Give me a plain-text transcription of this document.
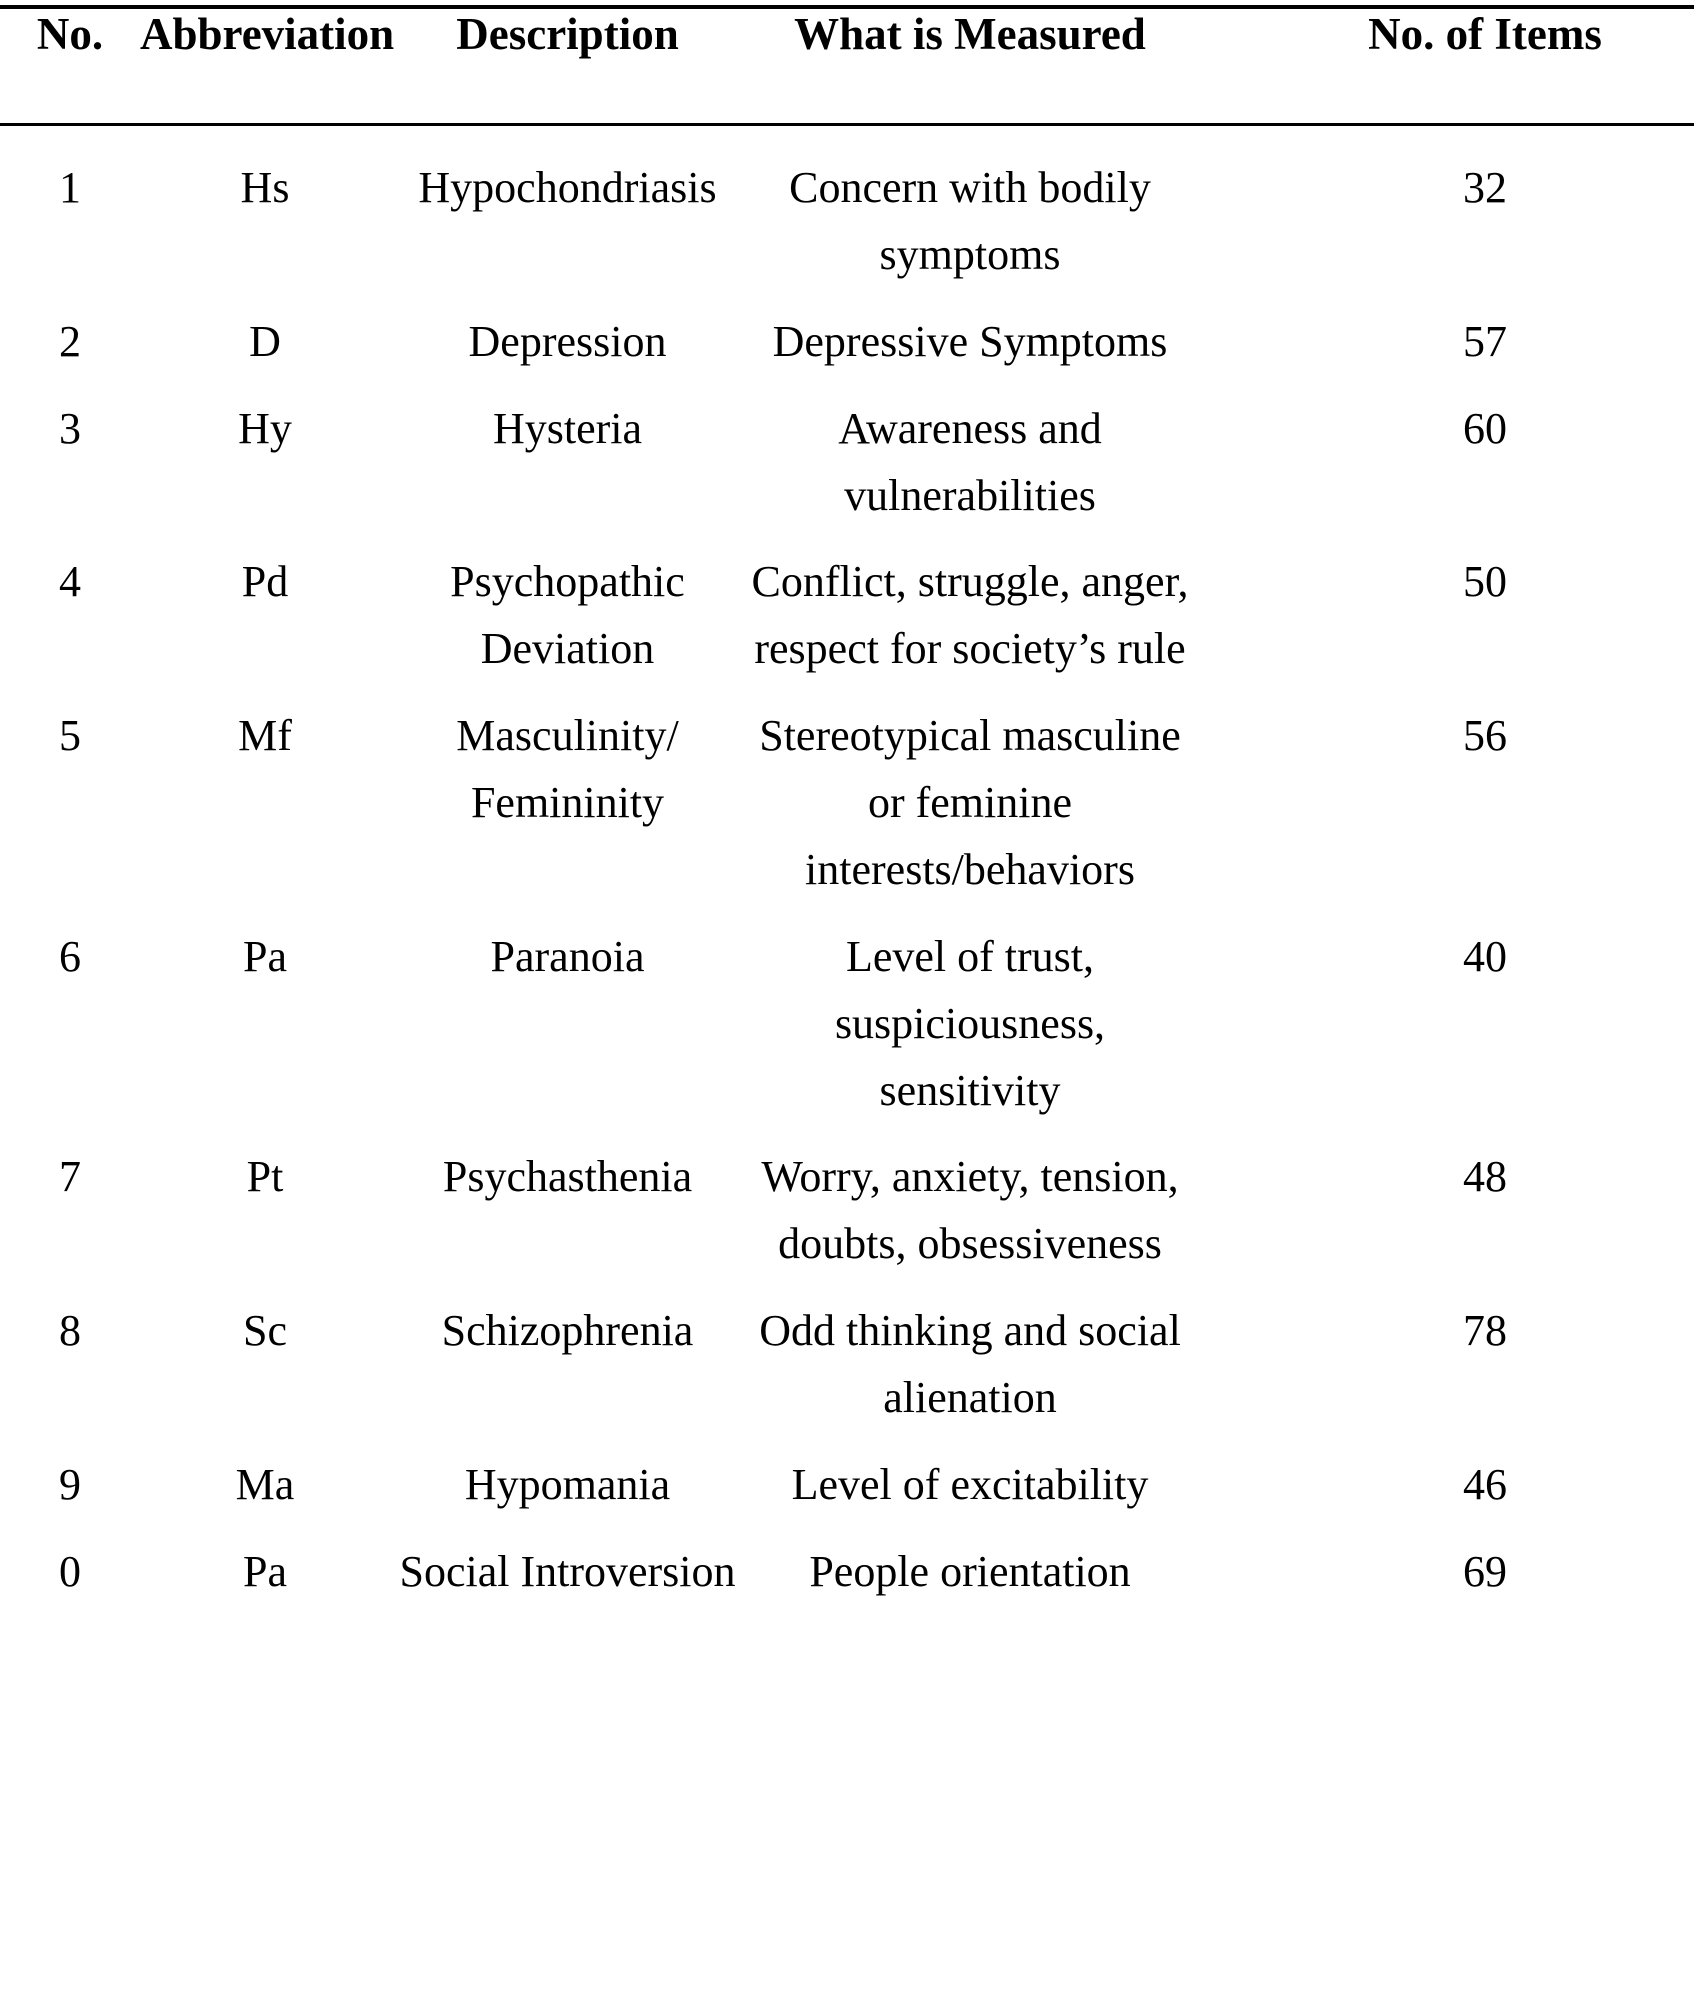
No.	Abbreviation	Description	What is Measured	No. of Items

1	Hs	Hypochondriasis	Concern with bodily symptoms	32

2	D	Depression	Depressive Symptoms	57

3	Hy	Hysteria	Awareness and vulnerabilities	60

4	Pd	Psychopathic Deviation	Conflict, struggle, anger, respect for society’s rule	50

5	Mf	Masculinity/ Femininity	Stereotypical masculine or feminine interests/behaviors	56

6	Pa	Paranoia	Level of trust, suspiciousness, sensitivity	40

7	Pt	Psychasthenia	Worry, anxiety, tension, doubts, obsessiveness	48

8	Sc	Schizophrenia	Odd thinking and social alienation	78

9	Ma	Hypomania	Level of excitability	46

0	Pa	Social Introversion	People orientation	69
